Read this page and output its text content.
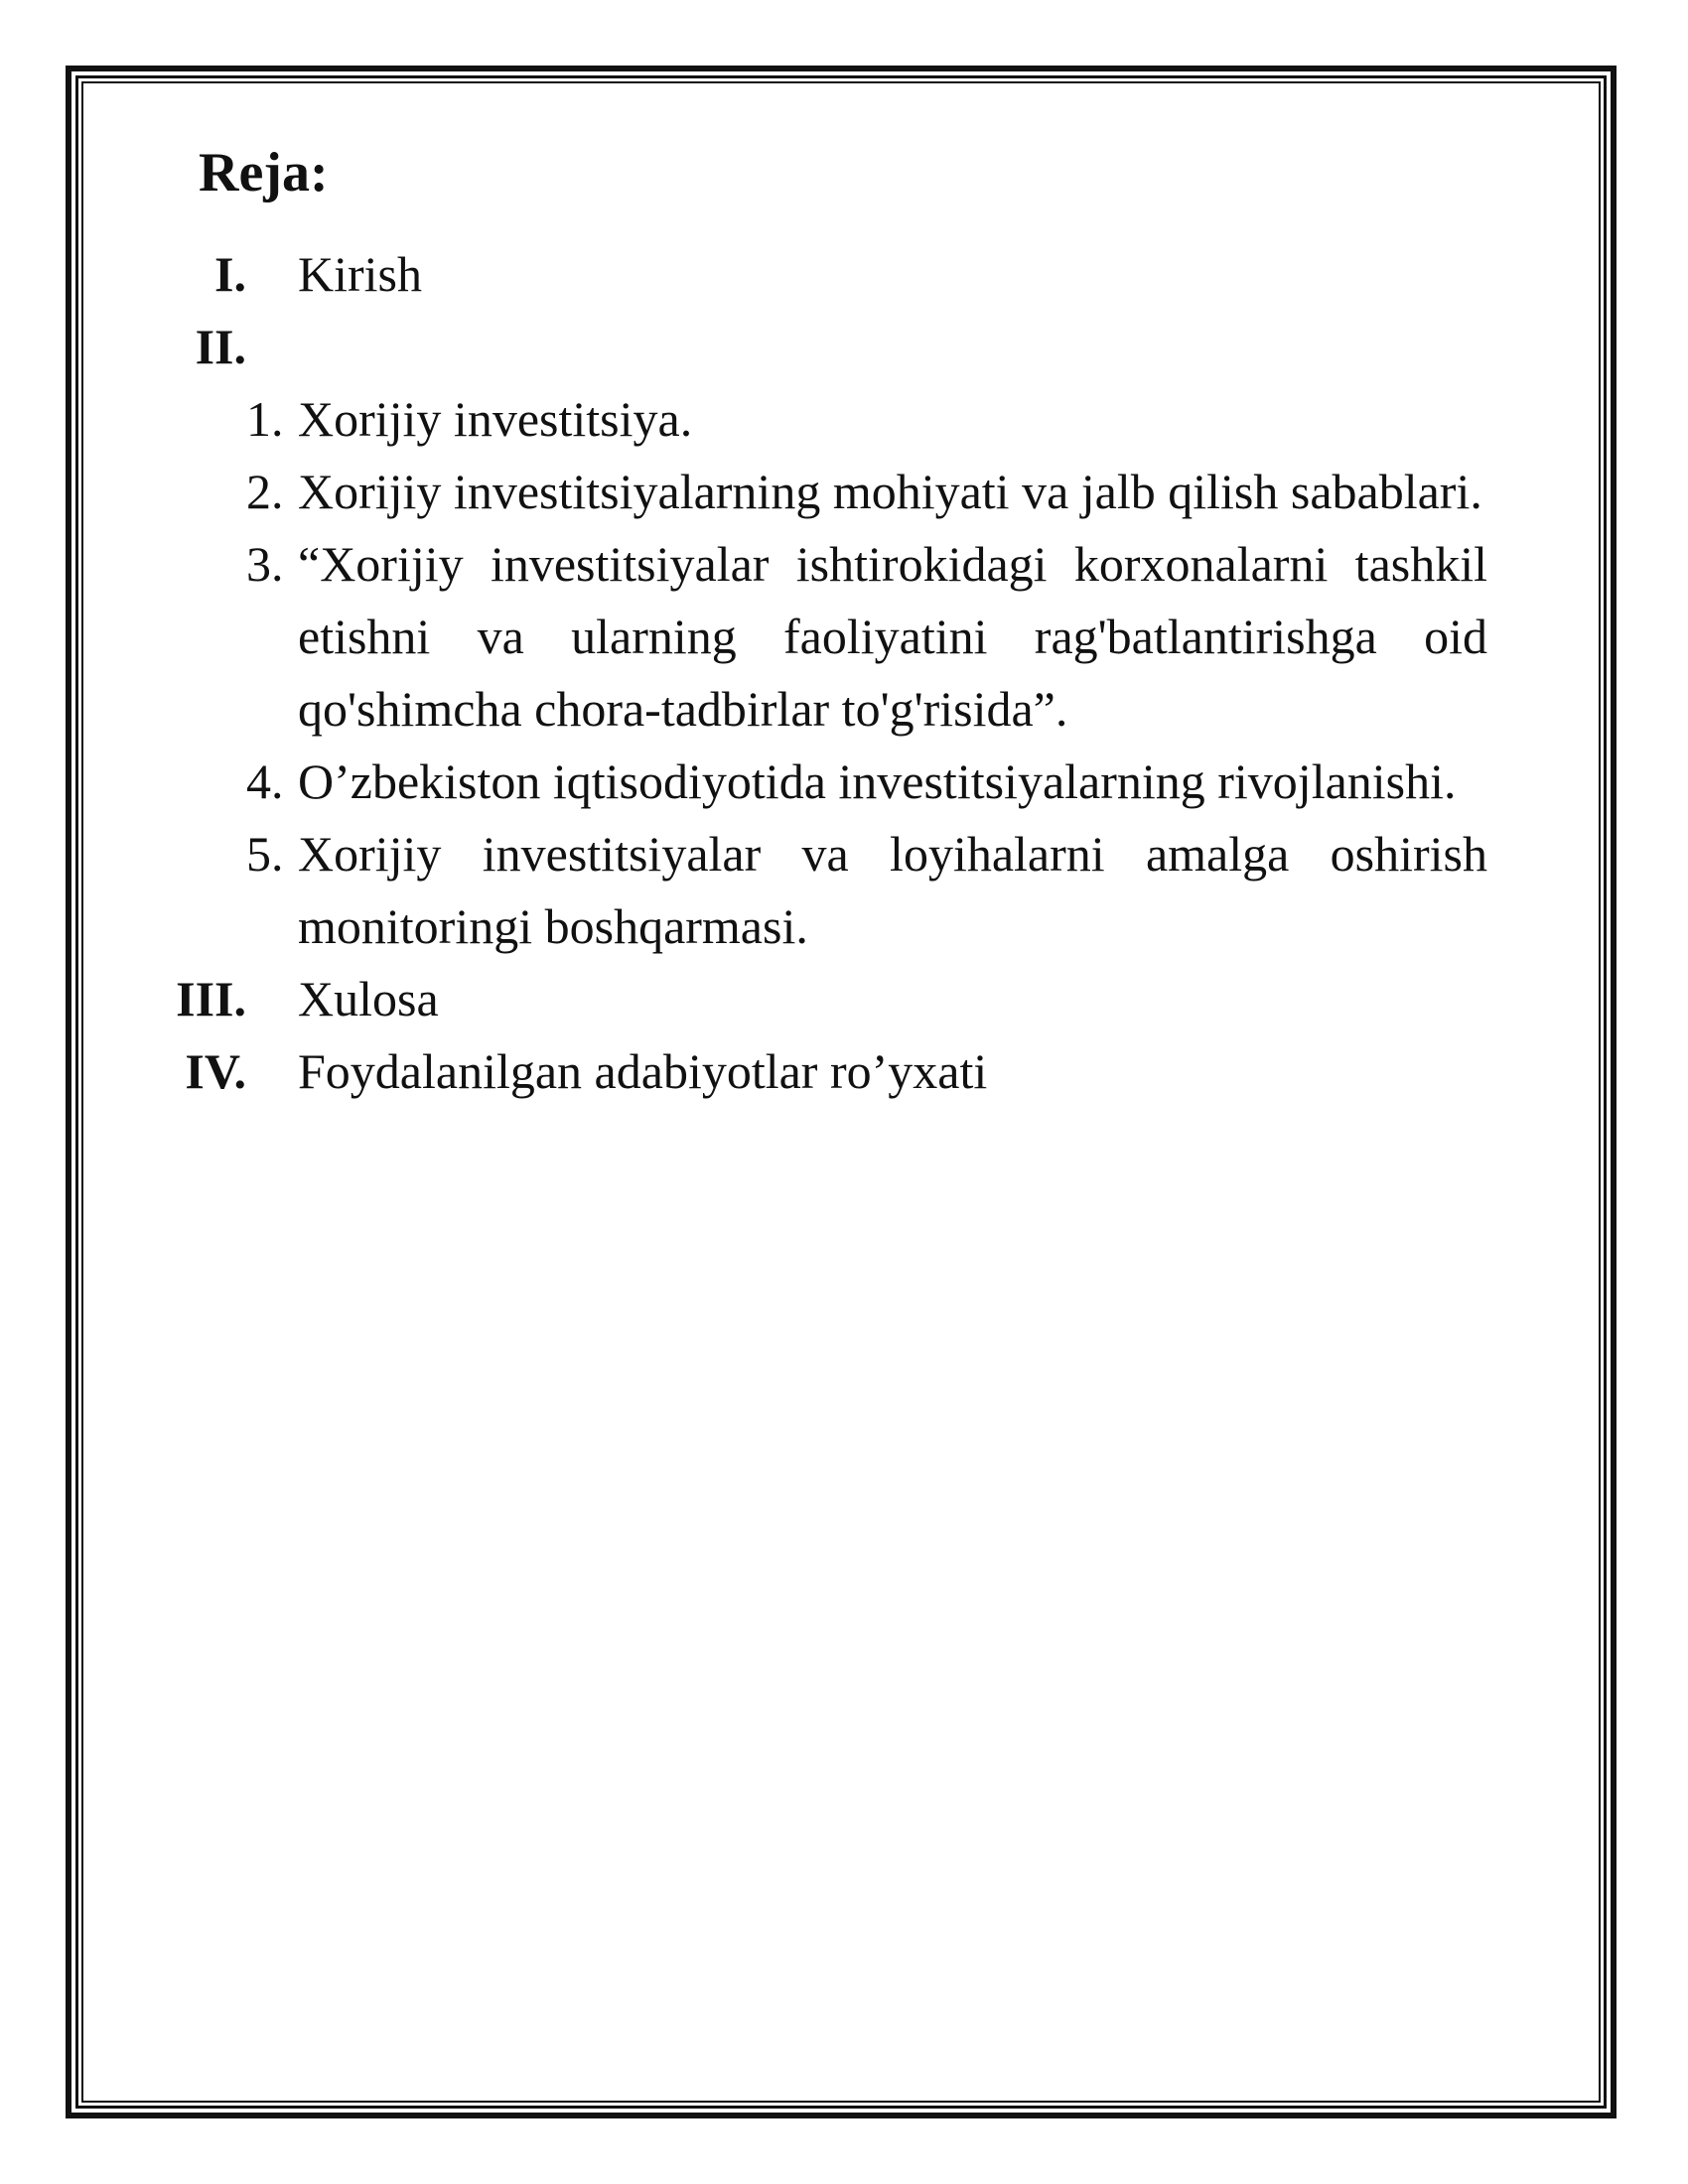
Reja:
I. Kirish
II.
1. Xorijiy investitsiya.
2. Xorijiy investitsiyalarning mohiyati va jalb qilish sabablari.
3. “Xorijiy investitsiyalar ishtirokidagi korxonalarni tashkil etishni va ularning faoliyatini rag'batlantirishga oid qo'shimcha chora-tadbirlar to'g'risida”.
4. O’zbekiston iqtisodiyotida investitsiyalarning rivojlanishi.
5. Xorijiy investitsiyalar va loyihalarni amalga oshirish monitoringi boshqarmasi.
III. Xulosa
IV. Foydalanilgan adabiyotlar ro’yxati
